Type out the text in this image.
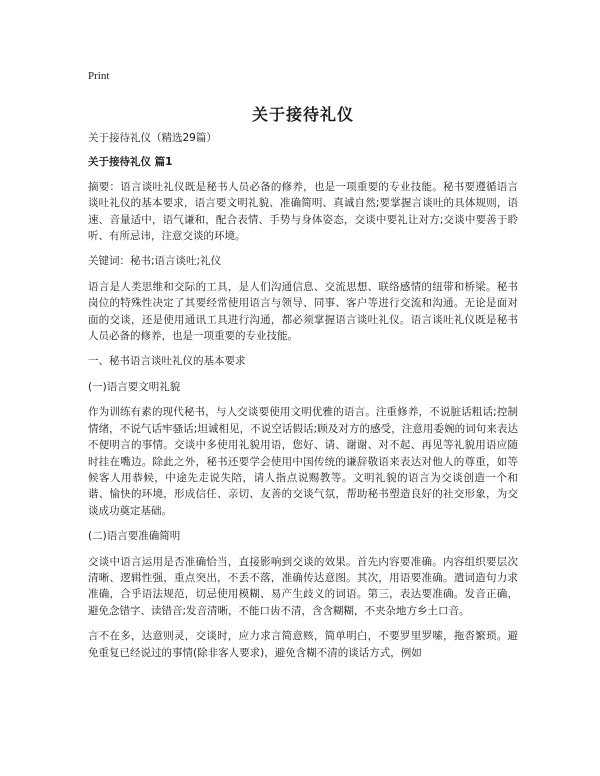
Print
关于接待礼仪

关于接待礼仪（精选29篇）

关于接待礼仪 篇1

摘要：语言谈吐礼仪既是秘书人员必备的修养，也是一项重要的专业技能。秘书要遵循语言谈吐礼仪的基本要求，语言要文明礼貌、准确简明、真诚自然;要掌握言谈吐的具体规则，语速、音量适中，语气谦和，配合表情、手势与身体姿态，交谈中要礼让对方;交谈中要善于聆听、有所忌讳，注意交谈的环境。

关键词：秘书;语言谈吐;礼仪

语言是人类思维和交际的工具，是人们沟通信息、交流思想、联络感情的纽带和桥梁。秘书岗位的特殊性决定了其要经常使用语言与领导、同事、客户等进行交流和沟通。无论是面对面的交谈，还是使用通讯工具进行沟通，都必须掌握语言谈吐礼仪。语言谈吐礼仪既是秘书人员必备的修养，也是一项重要的专业技能。

一、秘书语言谈吐礼仪的基本要求

(一)语言要文明礼貌

作为训练有素的现代秘书，与人交谈要使用文明优雅的语言。注重修养，不说脏话粗话;控制情绪，不说气话牢骚话;坦诚相见，不说空话假话;顾及对方的感受，注意用委婉的词句来表达不便明言的事情。交谈中多使用礼貌用语，您好、请、谢谢、对不起、再见等礼貌用语应随时挂在嘴边。除此之外，秘书还要学会使用中国传统的谦辞敬语来表达对他人的尊重，如等候客人用恭候，中途先走说失陪，请人指点说赐教等。文明礼貌的语言为交谈创造一个和谐、愉快的环境，形成信任、亲切、友善的交谈气氛，帮助秘书塑造良好的社交形象，为交谈成功奠定基础。

(二)语言要准确简明

交谈中语言运用是否准确恰当，直接影响到交谈的效果。首先内容要准确。内容组织要层次清晰、逻辑性强，重点突出，不丢不落，准确传达意图。其次，用语要准确。遣词造句力求准确，合乎语法规范，切忌使用模糊、易产生歧义的词语。第三，表达要准确。发音正确，避免念错字、读错音;发音清晰，不能口齿不清，含含糊糊，不夹杂地方乡土口音。

言不在多，达意则灵，交谈时，应力求言简意赅，简单明白，不要罗里罗嗦，拖沓繁琐。避免重复已经说过的事情(除非客人要求)，避免含糊不清的谈话方式，例如
